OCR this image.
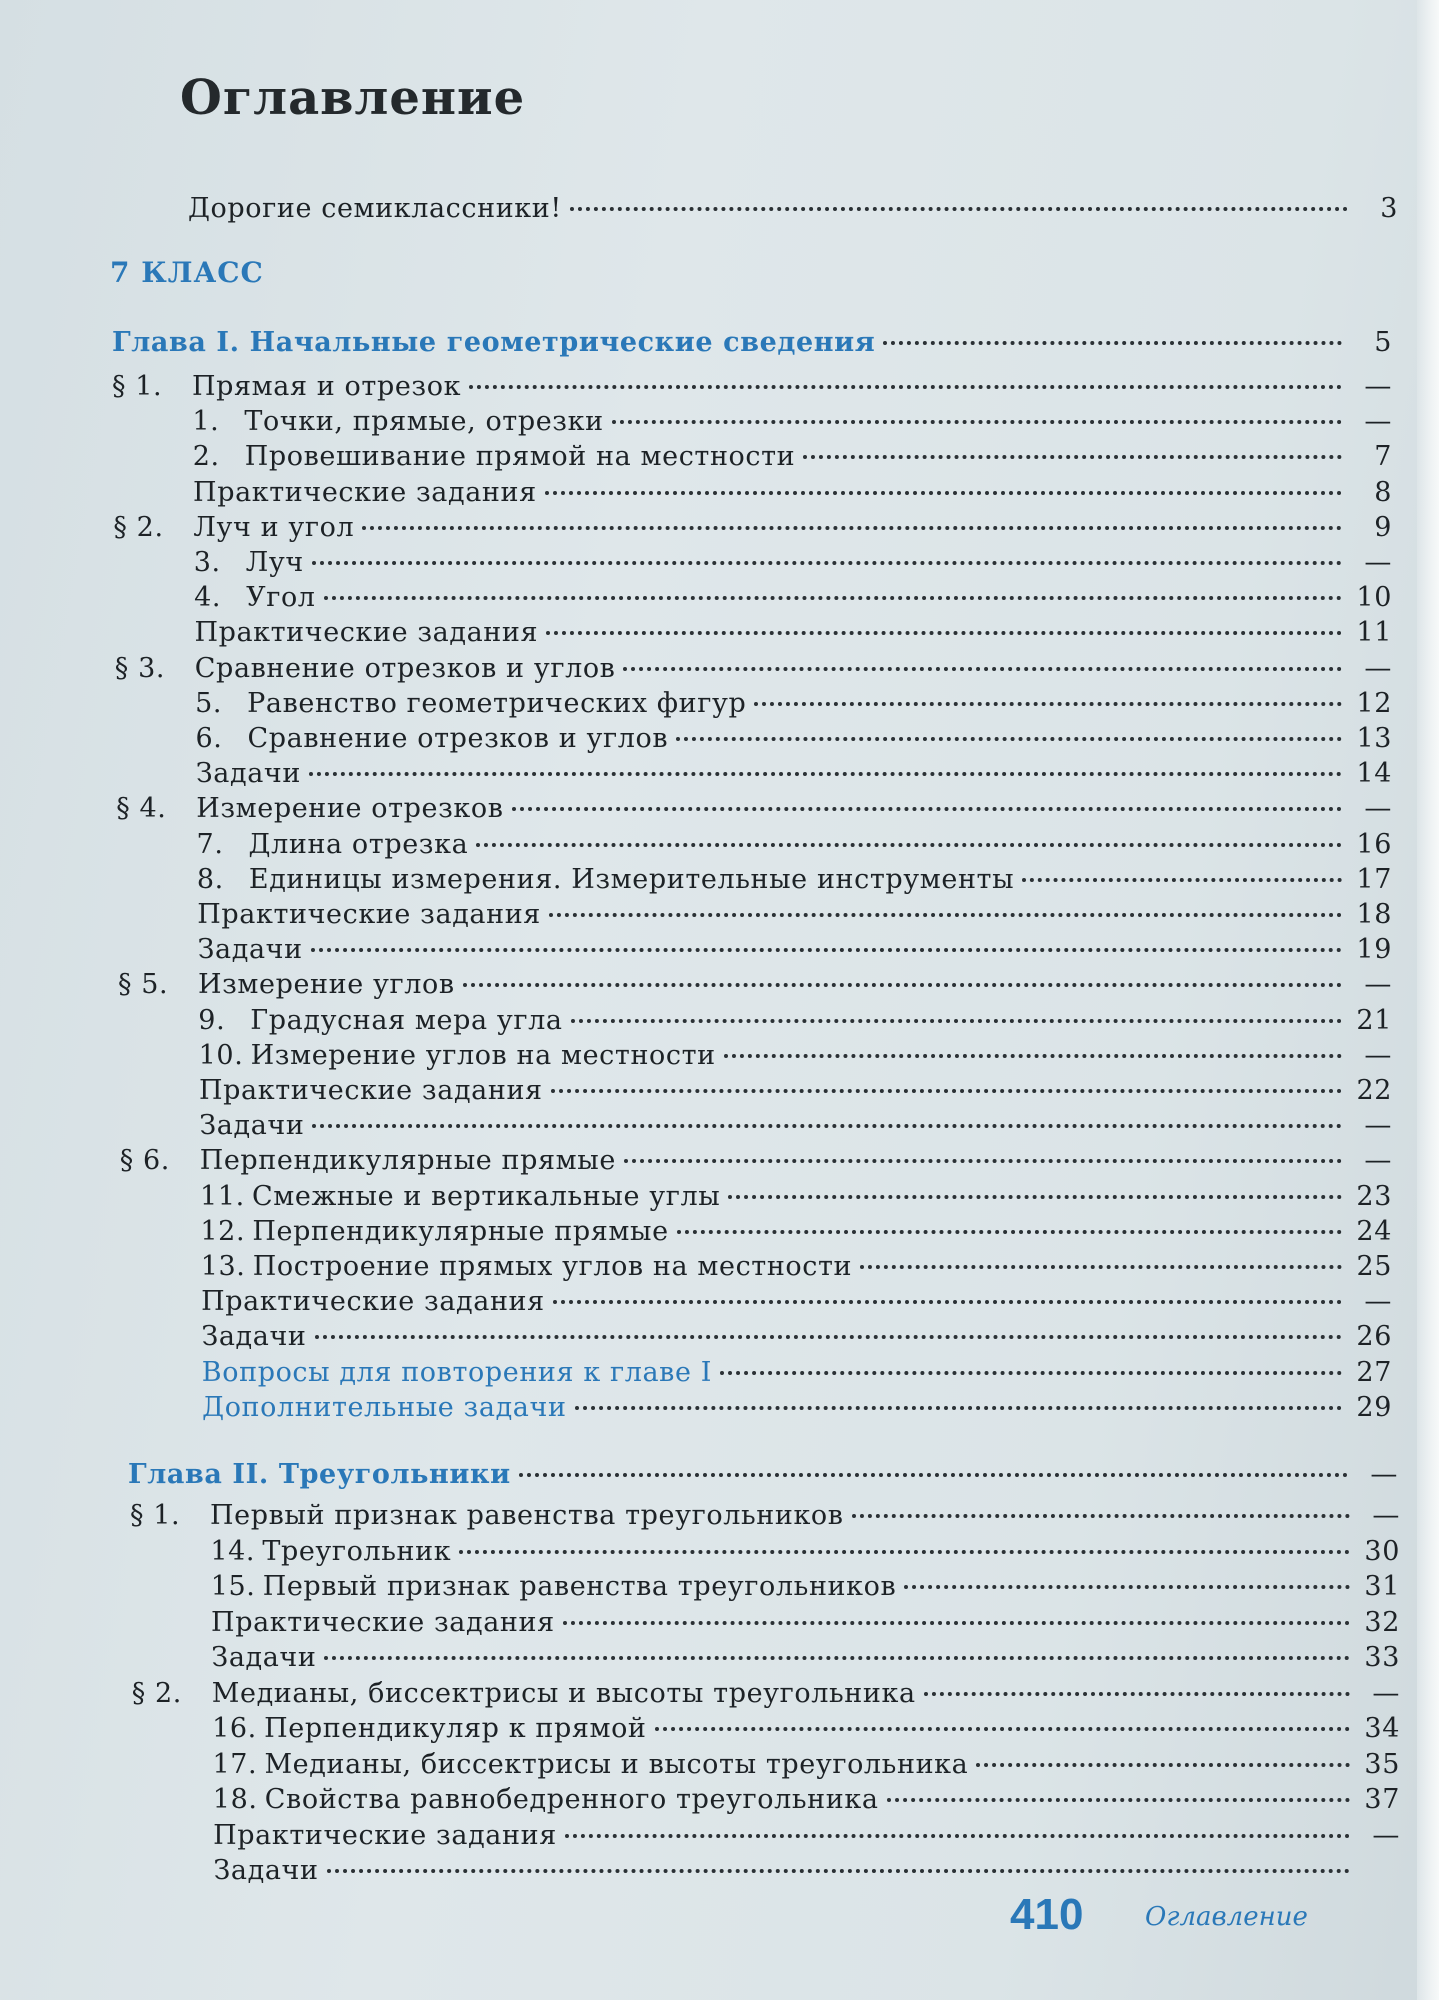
Оглавление
Дорогие семиклассники!	3
7 КЛАСС
Глава I. Начальные геометрические сведения	5
§ 1.	Прямая и отрезок	—
1. Точки, прямые, отрезки	—
2. Провешивание прямой на местности	7
Практические задания	8
§ 2.	Луч и угол	9
3. Луч	—
4. Угол	10
Практические задания	11
§ 3.	Сравнение отрезков и углов	—
5. Равенство геометрических фигур	12
6. Сравнение отрезков и углов	13
Задачи	14
§ 4.	Измерение отрезков	—
7. Длина отрезка	16
8. Единицы измерения. Измерительные инструменты	17
Практические задания	18
Задачи	19
§ 5.	Измерение углов	—
9. Градусная мера угла	21
10. Измерение углов на местности	—
Практические задания	22
Задачи	—
§ 6.	Перпендикулярные прямые	—
11. Смежные и вертикальные углы	23
12. Перпендикулярные прямые	24
13. Построение прямых углов на местности	25
Практические задания	—
Задачи	26
Вопросы для повторения к главе I	27
Дополнительные задачи	29
Глава II. Треугольники	—
§ 1.	Первый признак равенства треугольников	—
14. Треугольник	30
15. Первый признак равенства треугольников	31
Практические задания	32
Задачи	33
§ 2.	Медианы, биссектрисы и высоты треугольника	—
16. Перпендикуляр к прямой	34
17. Медианы, биссектрисы и высоты треугольника	35
18. Свойства равнобедренного треугольника	37
Практические задания	—
Задачи
410 Оглавление
